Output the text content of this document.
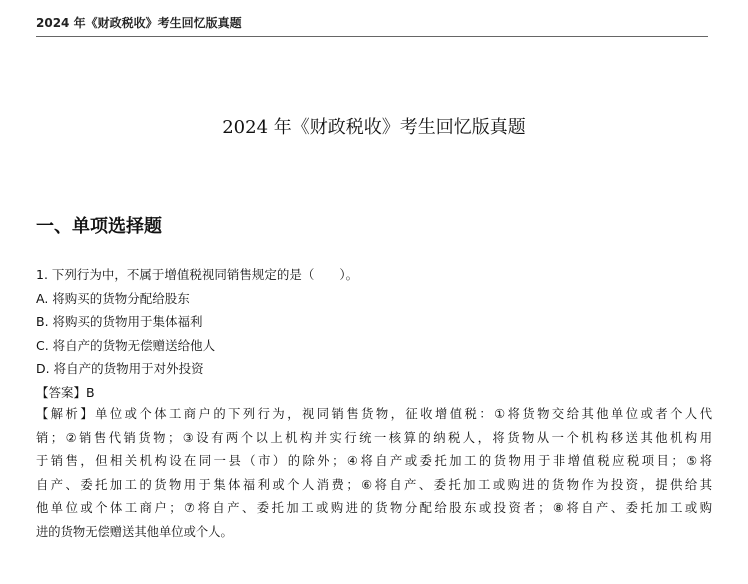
2024 年《财政税收》考生回忆版真题
2024 年《财政税收》考生回忆版真题
一、单项选择题
1. 下列行为中，不属于增值税视同销售规定的是（　　）。
A. 将购买的货物分配给股东
B. 将购买的货物用于集体福利
C. 将自产的货物无偿赠送给他人
D. 将自产的货物用于对外投资
【答案】B
【解析】单位或个体工商户的下列行为，视同销售货物，征收增值税：①将货物交给其他单位或者个人代
销；②销售代销货物；③设有两个以上机构并实行统一核算的纳税人，将货物从一个机构移送其他机构用
于销售，但相关机构设在同一县（市）的除外；④将自产或委托加工的货物用于非增值税应税项目；⑤将
自产、委托加工的货物用于集体福利或个人消费；⑥将自产、委托加工或购进的货物作为投资，提供给其
他单位或个体工商户；⑦将自产、委托加工或购进的货物分配给股东或投资者；⑧将自产、委托加工或购
进的货物无偿赠送其他单位或个人。
